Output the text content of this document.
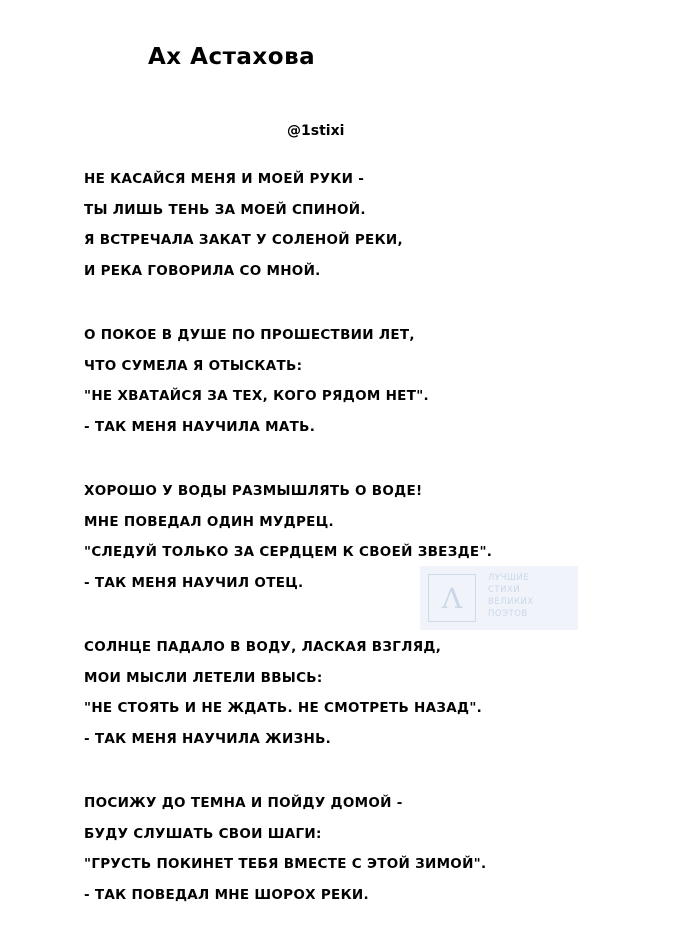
Ах Астахова
@1stixi
Λ
ЛУЧШИЕ
СТИХИ
ВЕЛИКИХ
ПОЭТОВ
НЕ КАСАЙСЯ МЕНЯ И МОЕЙ РУКИ -
ТЫ ЛИШЬ ТЕНЬ ЗА МОЕЙ СПИНОЙ.
Я ВСТРЕЧАЛА ЗАКАТ У СОЛЕНОЙ РЕКИ,
И РЕКА ГОВОРИЛА СО МНОЙ.
О ПОКОЕ В ДУШЕ ПО ПРОШЕСТВИИ ЛЕТ,
ЧТО СУМЕЛА Я ОТЫСКАТЬ:
"НЕ ХВАТАЙСЯ ЗА ТЕХ, КОГО РЯДОМ НЕТ".
- ТАК МЕНЯ НАУЧИЛА МАТЬ.
ХОРОШО У ВОДЫ РАЗМЫШЛЯТЬ О ВОДЕ!
МНЕ ПОВЕДАЛ ОДИН МУДРЕЦ.
"СЛЕДУЙ ТОЛЬКО ЗА СЕРДЦЕМ К СВОЕЙ ЗВЕЗДЕ".
- ТАК МЕНЯ НАУЧИЛ ОТЕЦ.
СОЛНЦЕ ПАДАЛО В ВОДУ, ЛАСКАЯ ВЗГЛЯД,
МОИ МЫСЛИ ЛЕТЕЛИ ВВЫСЬ:
"НЕ СТОЯТЬ И НЕ ЖДАТЬ. НЕ СМОТРЕТЬ НАЗАД".
- ТАК МЕНЯ НАУЧИЛА ЖИЗНЬ.
ПОСИЖУ ДО ТЕМНА И ПОЙДУ ДОМОЙ -
БУДУ СЛУШАТЬ СВОИ ШАГИ:
"ГРУСТЬ ПОКИНЕТ ТЕБЯ ВМЕСТЕ С ЭТОЙ ЗИМОЙ".
- ТАК ПОВЕДАЛ МНЕ ШОРОХ РЕКИ.
